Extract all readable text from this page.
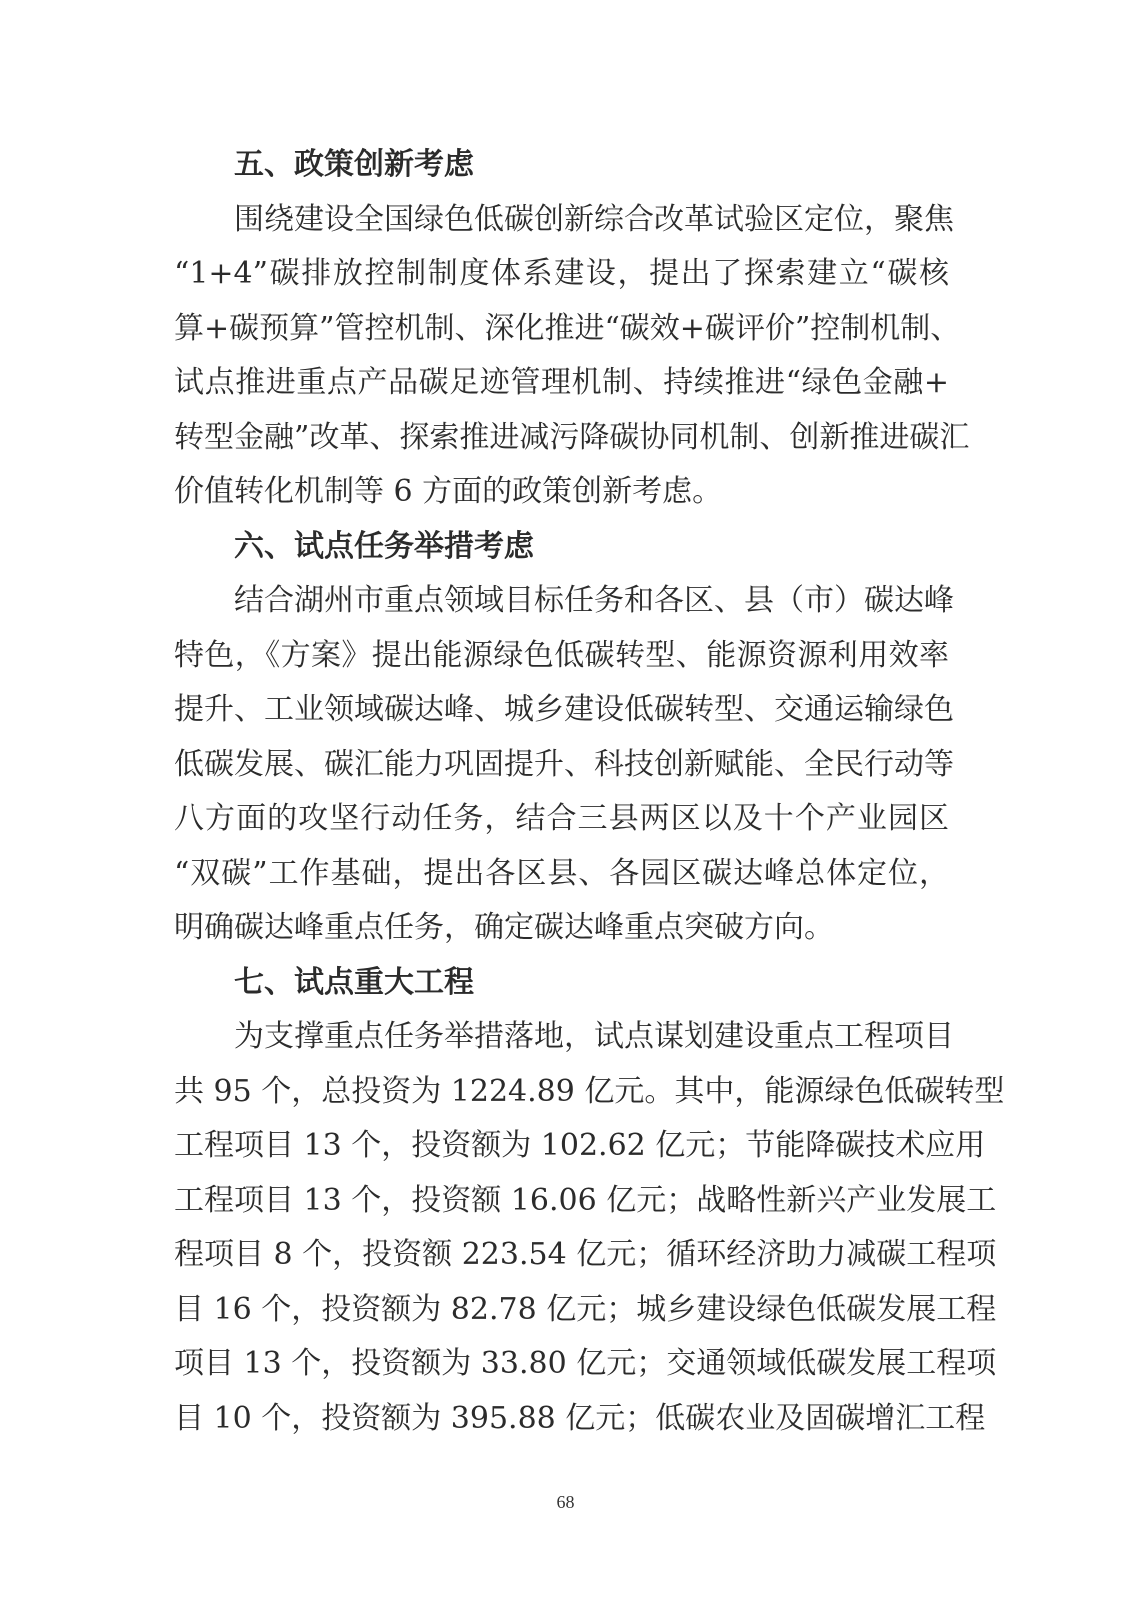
五、政策创新考虑
　　围绕建设全国绿色低碳创新综合改革试验区定位，聚焦
“1+4”碳排放控制制度体系建设，提出了探索建立“碳核
算+碳预算”管控机制、深化推进“碳效+碳评价”控制机制、
试点推进重点产品碳足迹管理机制、持续推进“绿色金融+
转型金融”改革、探索推进减污降碳协同机制、创新推进碳汇
价值转化机制等 6 方面的政策创新考虑。
六、试点任务举措考虑
　　结合湖州市重点领域目标任务和各区、县（市）碳达峰
特色，《方案》提出能源绿色低碳转型、能源资源利用效率
提升、工业领域碳达峰、城乡建设低碳转型、交通运输绿色
低碳发展、碳汇能力巩固提升、科技创新赋能、全民行动等
八方面的攻坚行动任务，结合三县两区以及十个产业园区
“双碳”工作基础，提出各区县、各园区碳达峰总体定位，
明确碳达峰重点任务，确定碳达峰重点突破方向。
七、试点重大工程
　　为支撑重点任务举措落地，试点谋划建设重点工程项目
共 95 个，总投资为 1224.89 亿元。其中，能源绿色低碳转型
工程项目 13 个，投资额为 102.62 亿元；节能降碳技术应用
工程项目 13 个，投资额 16.06 亿元；战略性新兴产业发展工
程项目 8 个，投资额 223.54 亿元；循环经济助力减碳工程项
目 16 个，投资额为 82.78 亿元；城乡建设绿色低碳发展工程
项目 13 个，投资额为 33.80 亿元；交通领域低碳发展工程项
目 10 个，投资额为 395.88 亿元；低碳农业及固碳增汇工程
68
